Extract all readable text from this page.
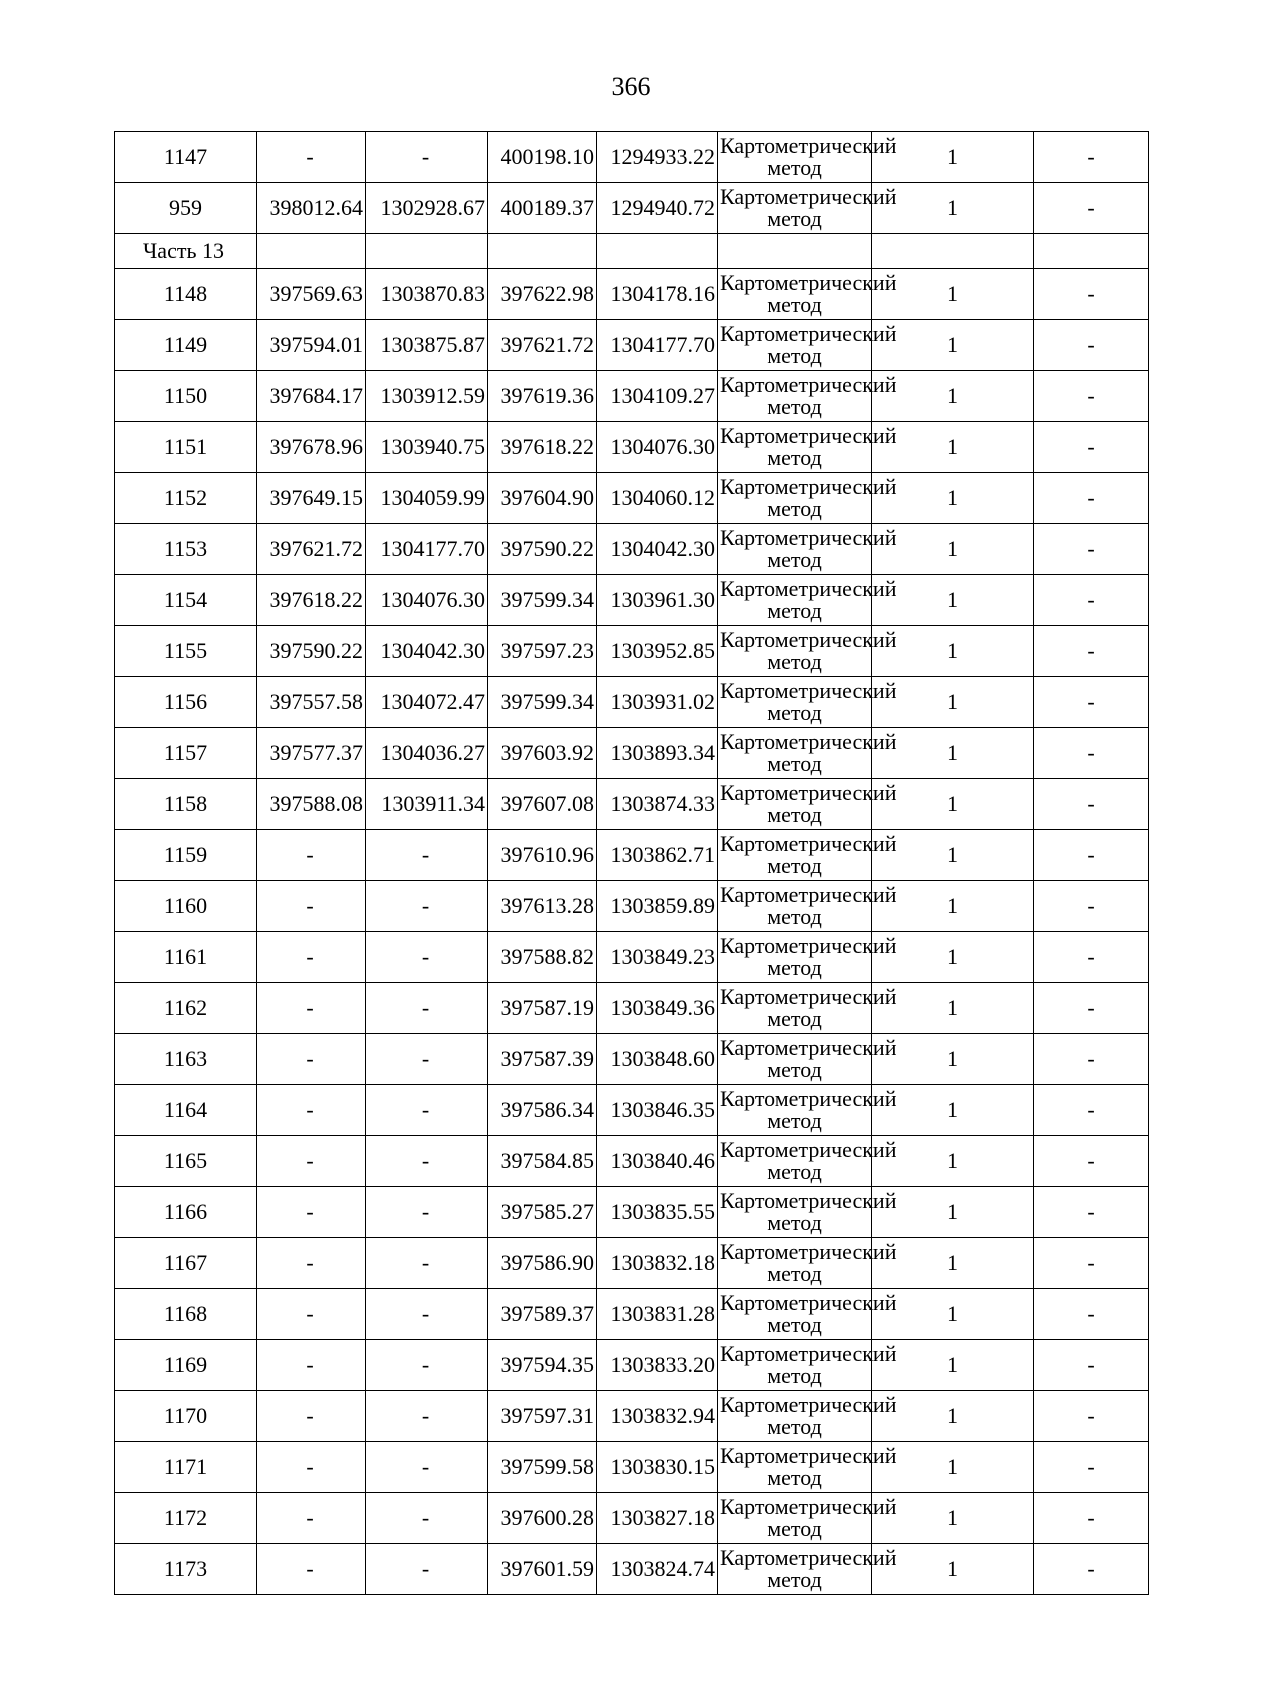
366
1147	-	-	400198.10	1294933.22	Картометрический метод	1	-
959	398012.64	1302928.67	400189.37	1294940.72	Картометрический метод	1	-
Часть 13							
1148	397569.63	1303870.83	397622.98	1304178.16	Картометрический метод	1	-
1149	397594.01	1303875.87	397621.72	1304177.70	Картометрический метод	1	-
1150	397684.17	1303912.59	397619.36	1304109.27	Картометрический метод	1	-
1151	397678.96	1303940.75	397618.22	1304076.30	Картометрический метод	1	-
1152	397649.15	1304059.99	397604.90	1304060.12	Картометрический метод	1	-
1153	397621.72	1304177.70	397590.22	1304042.30	Картометрический метод	1	-
1154	397618.22	1304076.30	397599.34	1303961.30	Картометрический метод	1	-
1155	397590.22	1304042.30	397597.23	1303952.85	Картометрический метод	1	-
1156	397557.58	1304072.47	397599.34	1303931.02	Картометрический метод	1	-
1157	397577.37	1304036.27	397603.92	1303893.34	Картометрический метод	1	-
1158	397588.08	1303911.34	397607.08	1303874.33	Картометрический метод	1	-
1159	-	-	397610.96	1303862.71	Картометрический метод	1	-
1160	-	-	397613.28	1303859.89	Картометрический метод	1	-
1161	-	-	397588.82	1303849.23	Картометрический метод	1	-
1162	-	-	397587.19	1303849.36	Картометрический метод	1	-
1163	-	-	397587.39	1303848.60	Картометрический метод	1	-
1164	-	-	397586.34	1303846.35	Картометрический метод	1	-
1165	-	-	397584.85	1303840.46	Картометрический метод	1	-
1166	-	-	397585.27	1303835.55	Картометрический метод	1	-
1167	-	-	397586.90	1303832.18	Картометрический метод	1	-
1168	-	-	397589.37	1303831.28	Картометрический метод	1	-
1169	-	-	397594.35	1303833.20	Картометрический метод	1	-
1170	-	-	397597.31	1303832.94	Картометрический метод	1	-
1171	-	-	397599.58	1303830.15	Картометрический метод	1	-
1172	-	-	397600.28	1303827.18	Картометрический метод	1	-
1173	-	-	397601.59	1303824.74	Картометрический метод	1	-
